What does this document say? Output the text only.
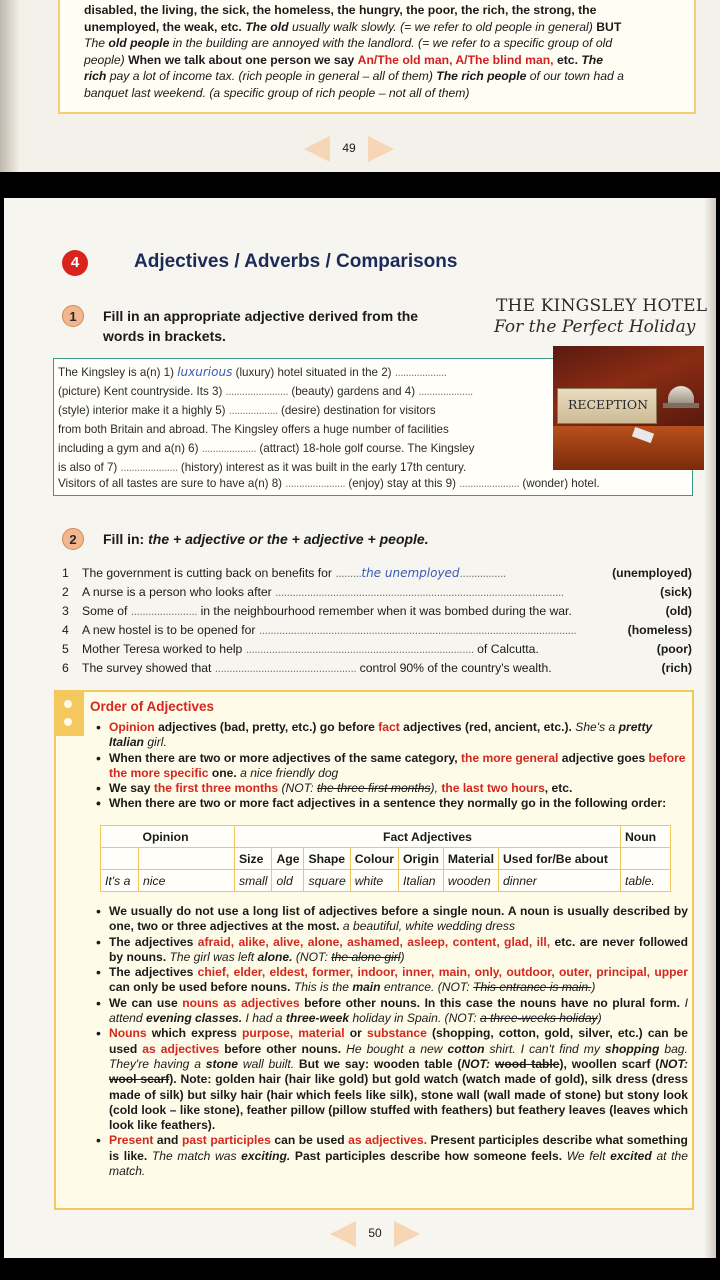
disabled, the living, the sick, the homeless, the hungry, the poor, the rich, the strong, the
unemployed, the weak, etc. The old usually walk slowly. (= we refer to old people in general) BUT
The old people in the building are annoyed with the landlord. (= we refer to a specific group of old
people) When we talk about one person we say An/The old man, A/The blind man, etc. The
rich pay a lot of income tax. (rich people in general – all of them) The rich people of our town had a
banquet last weekend. (a specific group of rich people – not all of them)
49
4	Adjectives / Adverbs / Comparisons
1	Fill in an appropriate adjective derived from the
words in brackets.
THE KINGSLEY HOTEL
For the Perfect Holiday
The Kingsley is a(n) 1) luxurious (luxury) hotel situated in the 2) ...................
(picture) Kent countryside. Its 3) ....................... (beauty) gardens and 4) ....................
(style) interior make it a highly 5) .................. (desire) destination for visitors
from both Britain and abroad. The Kingsley offers a huge number of facilities
including a gym and a(n) 6) .................... (attract) 18-hole golf course. The Kingsley
is also of 7) ..................... (history) interest as it was built in the early 17th century.
Visitors of all tastes are sure to have a(n) 8) ...................... (enjoy) stay at this 9) ...................... (wonder) hotel.
RECEPTION
2	Fill in: the + adjective or the + adjective + people.
1 The government is cutting back on benefits for .........the unemployed................	(unemployed)
2 A nurse is a person who looks after ....................................................................................................	(sick)
3 Some of ....................... in the neighbourhood remember when it was bombed during the war.	(old)
4 A new hostel is to be opened for ..............................................................................................................	(homeless)
5 Mother Teresa worked to help ............................................................................... of Calcutta.	(poor)
6 The survey showed that ................................................. control 90% of the country's wealth.	(rich)
Order of Adjectives
• Opinion adjectives (bad, pretty, etc.) go before fact adjectives (red, ancient, etc.). She's a pretty Italian girl.
• When there are two or more adjectives of the same category, the more general adjective goes before the more specific one. a nice friendly dog
• We say the first three months (NOT: the three first months), the last two hours, etc.
• When there are two or more fact adjectives in a sentence they normally go in the following order:
	Opinion	Fact Adjectives							Noun
		Size	Age	Shape	Colour	Origin	Material	Used for/Be about	
It's a	nice	small	old	square	white	Italian	wooden	dinner	table.
• We usually do not use a long list of adjectives before a single noun. A noun is usually described by one, two or three adjectives at the most. a beautiful, white wedding dress
• The adjectives afraid, alike, alive, alone, ashamed, asleep, content, glad, ill, etc. are never followed by nouns. The girl was left alone. (NOT: the alone girl)
• The adjectives chief, elder, eldest, former, indoor, inner, main, only, outdoor, outer, principal, upper can only be used before nouns. This is the main entrance. (NOT: This entrance is main.)
• We can use nouns as adjectives before other nouns. In this case the nouns have no plural form. I attend evening classes. I had a three-week holiday in Spain. (NOT: a three-weeks holiday)
• Nouns which express purpose, material or substance (shopping, cotton, gold, silver, etc.) can be used as adjectives before other nouns. He bought a new cotton shirt. I can't find my shopping bag. They're having a stone wall built. But we say: wooden table (NOT: wood table), woollen scarf (NOT: wool scarf). Note: golden hair (hair like gold) but gold watch (watch made of gold), silk dress (dress made of silk) but silky hair (hair which feels like silk), stone wall (wall made of stone) but stony look (cold look – like stone), feather pillow (pillow stuffed with feathers) but feathery leaves (leaves which look like feathers).
• Present and past participles can be used as adjectives. Present participles describe what something is like. The match was exciting. Past participles describe how someone feels. We felt excited at the match.
50
